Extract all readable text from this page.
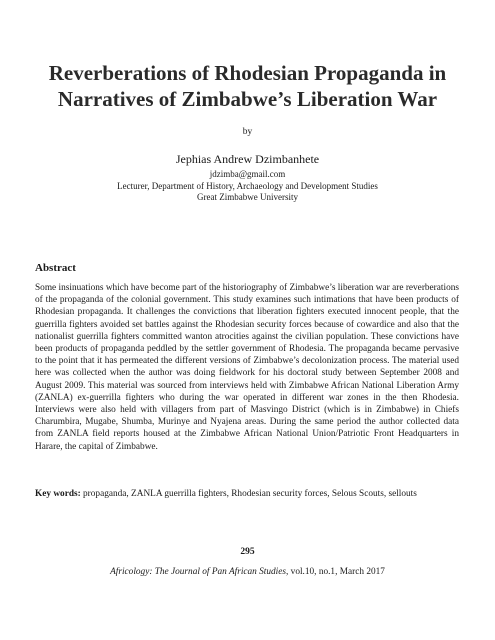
Reverberations of Rhodesian Propaganda in
Narratives of Zimbabwe’s Liberation War
by
Jephias Andrew Dzimbanhete
jdzimba@gmail.com
Lecturer, Department of History, Archaeology and Development Studies
Great Zimbabwe University
Abstract

Some insinuations which have become part of the historiography of Zimbabwe’s liberation war are reverberations of the propaganda of the colonial government. This study examines such intimations that have been products of Rhodesian propaganda. It challenges the convictions that liberation fighters executed innocent people, that the guerrilla fighters avoided set battles against the Rhodesian security forces because of cowardice and also that the nationalist guerrilla fighters committed wanton atrocities against the civilian population. These convictions have been products of propaganda peddled by the settler government of Rhodesia. The propaganda became pervasive to the point that it has permeated the different versions of Zimbabwe’s decolonization process. The material used here was collected when the author was doing fieldwork for his doctoral study between September 2008 and August 2009. This material was sourced from interviews held with Zimbabwe African National Liberation Army (ZANLA) ex-guerrilla fighters who during the war operated in different war zones in the then Rhodesia. Interviews were also held with villagers from part of Masvingo District (which is in Zimbabwe) in Chiefs Charumbira, Mugabe, Shumba, Murinye and Nyajena areas. During the same period the author collected data from ZANLA field reports housed at the Zimbabwe African National Union/Patriotic Front Headquarters in Harare, the capital of Zimbabwe.

Key words: propaganda, ZANLA guerrilla fighters, Rhodesian security forces, Selous Scouts, sellouts

295
Africology: The Journal of Pan African Studies, vol.10, no.1, March 2017
